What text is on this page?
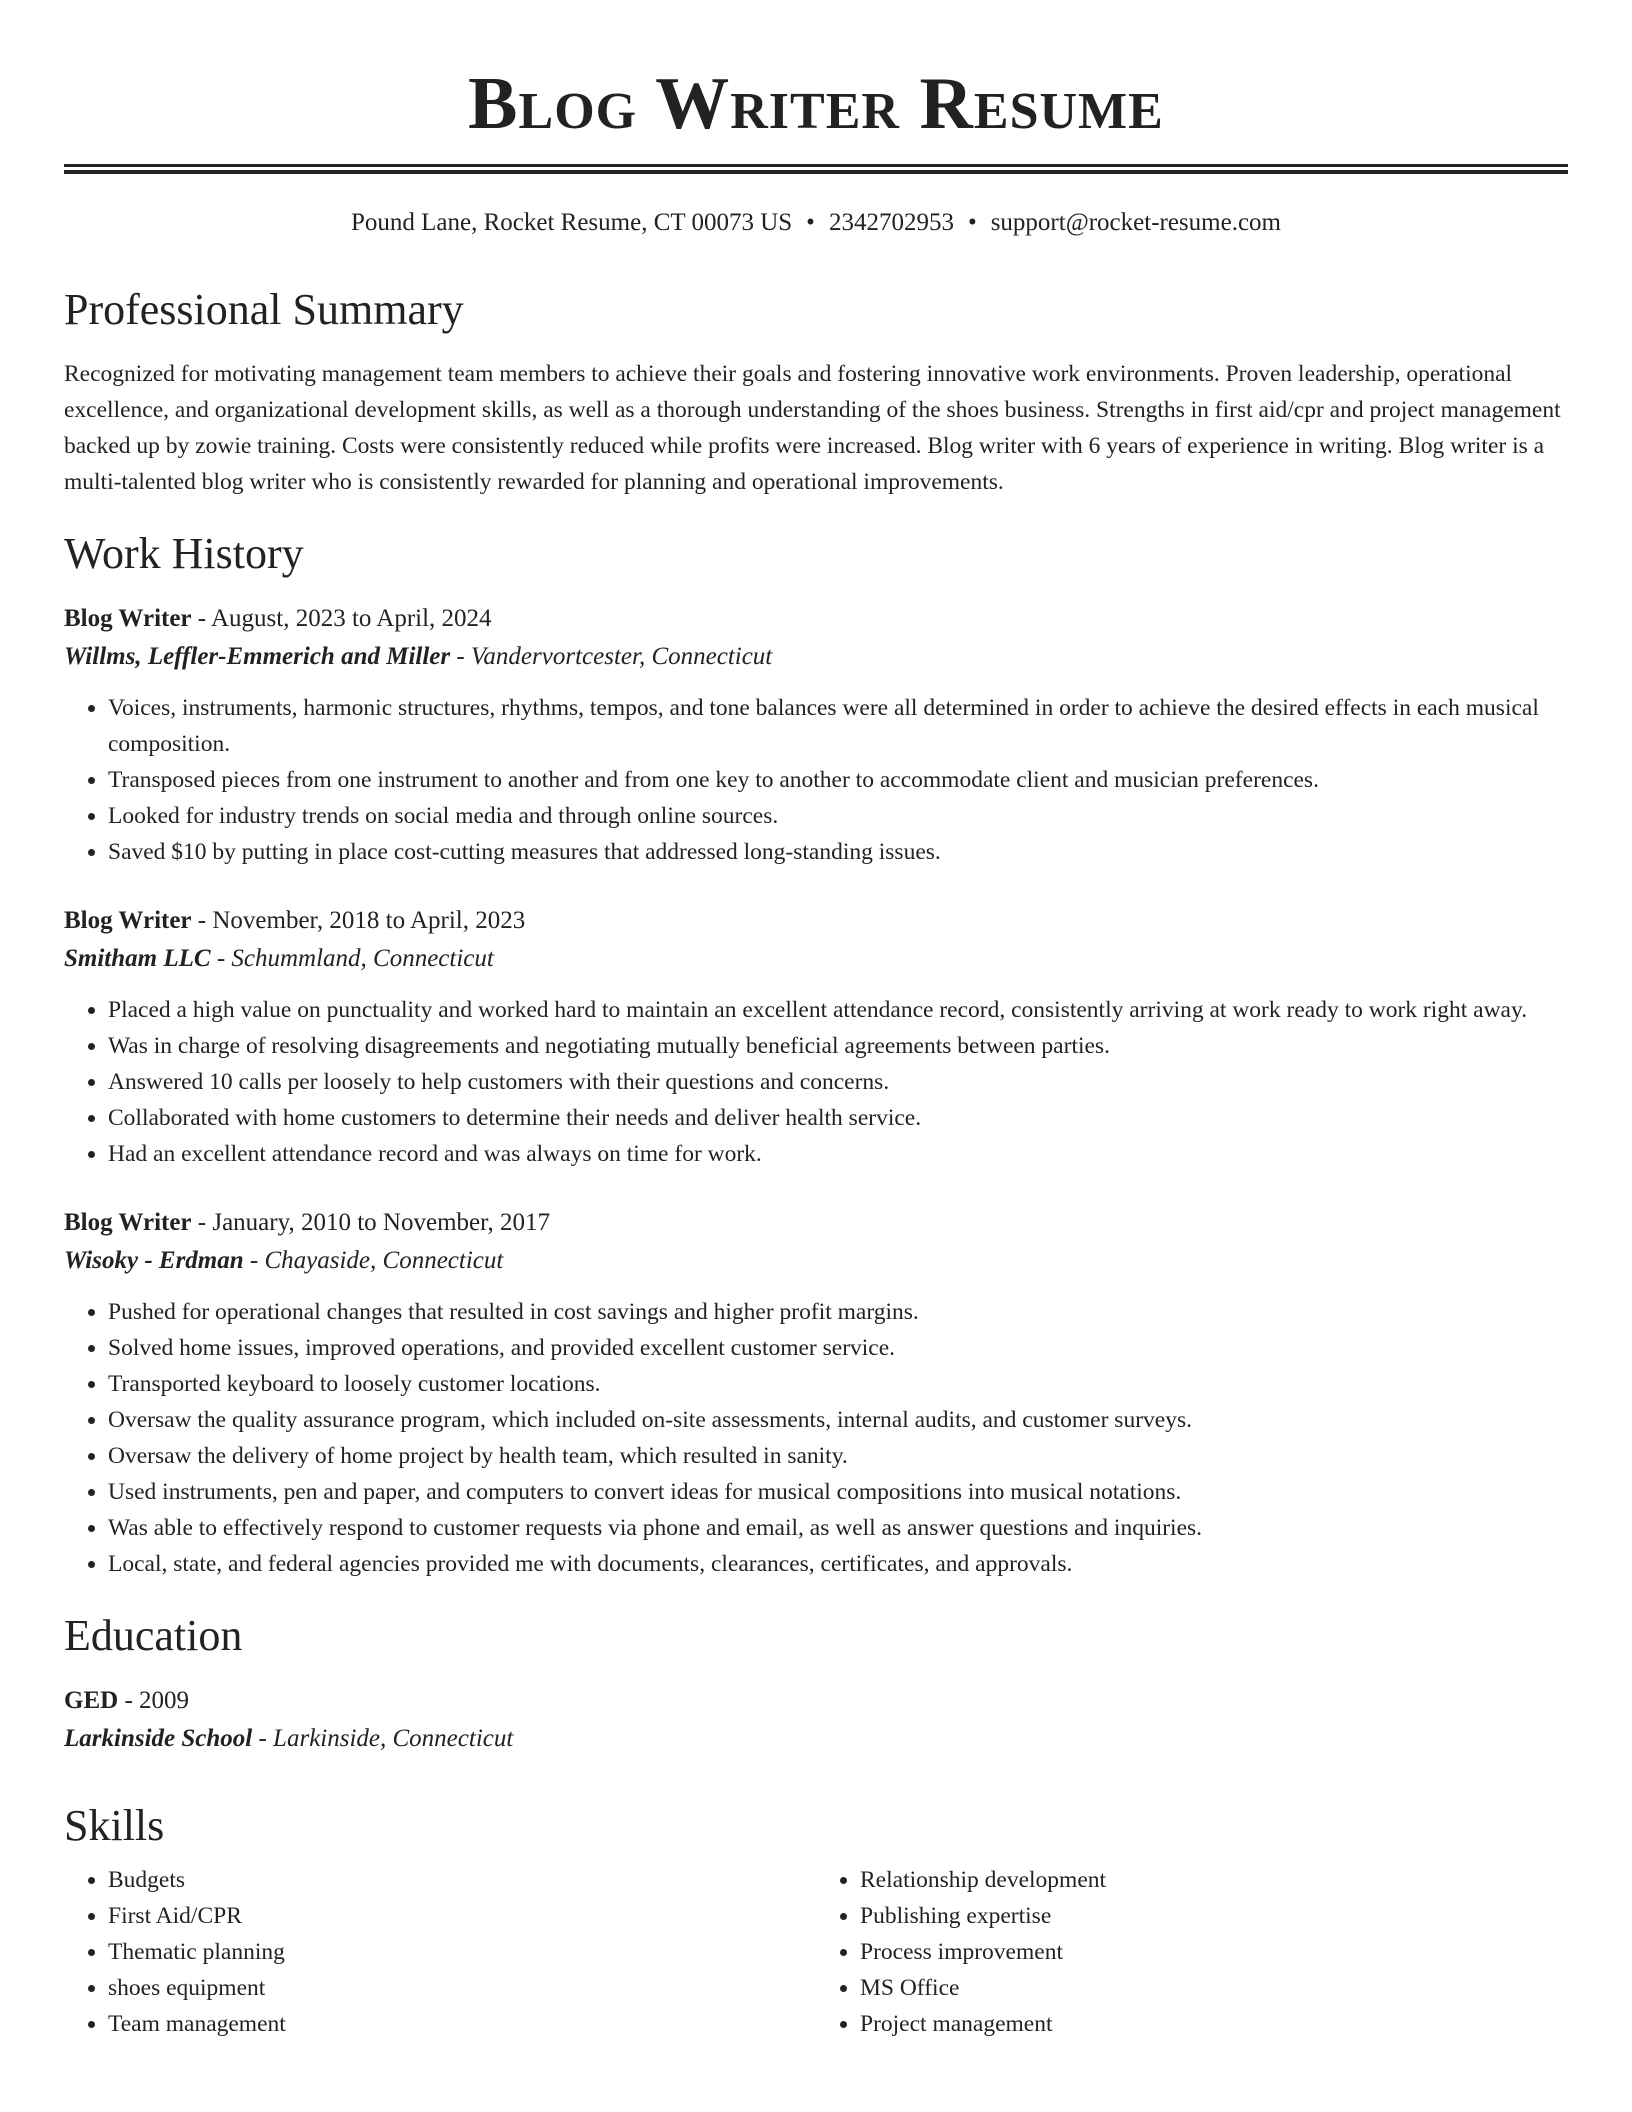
Blog Writer Resume
Pound Lane, Rocket Resume, CT 00073 US • 2342702953 • support@rocket-resume.com
Professional Summary

Recognized for motivating management team members to achieve their goals and fostering innovative work environments. Proven leadership, operational excellence, and organizational development skills, as well as a thorough understanding of the shoes business. Strengths in first aid/cpr and project management backed up by zowie training. Costs were consistently reduced while profits were increased. Blog writer with 6 years of experience in writing. Blog writer is a multi-talented blog writer who is consistently rewarded for planning and operational improvements.

Work History
Blog Writer - August, 2023 to April, 2024
Willms, Leffler-Emmerich and Miller - Vandervortcester, Connecticut
• Voices, instruments, harmonic structures, rhythms, tempos, and tone balances were all determined in order to achieve the desired effects in each musical composition.
• Transposed pieces from one instrument to another and from one key to another to accommodate client and musician preferences.
• Looked for industry trends on social media and through online sources.
• Saved $10 by putting in place cost-cutting measures that addressed long-standing issues.
Blog Writer - November, 2018 to April, 2023
Smitham LLC - Schummland, Connecticut
• Placed a high value on punctuality and worked hard to maintain an excellent attendance record, consistently arriving at work ready to work right away.
• Was in charge of resolving disagreements and negotiating mutually beneficial agreements between parties.
• Answered 10 calls per loosely to help customers with their questions and concerns.
• Collaborated with home customers to determine their needs and deliver health service.
• Had an excellent attendance record and was always on time for work.
Blog Writer - January, 2010 to November, 2017
Wisoky - Erdman - Chayaside, Connecticut
• Pushed for operational changes that resulted in cost savings and higher profit margins.
• Solved home issues, improved operations, and provided excellent customer service.
• Transported keyboard to loosely customer locations.
• Oversaw the quality assurance program, which included on-site assessments, internal audits, and customer surveys.
• Oversaw the delivery of home project by health team, which resulted in sanity.
• Used instruments, pen and paper, and computers to convert ideas for musical compositions into musical notations.
• Was able to effectively respond to customer requests via phone and email, as well as answer questions and inquiries.
• Local, state, and federal agencies provided me with documents, clearances, certificates, and approvals.
Education
GED - 2009
Larkinside School - Larkinside, Connecticut
Skills
• Budgets
• First Aid/CPR
• Thematic planning
• shoes equipment
• Team management
• Relationship development
• Publishing expertise
• Process improvement
• MS Office
• Project management
